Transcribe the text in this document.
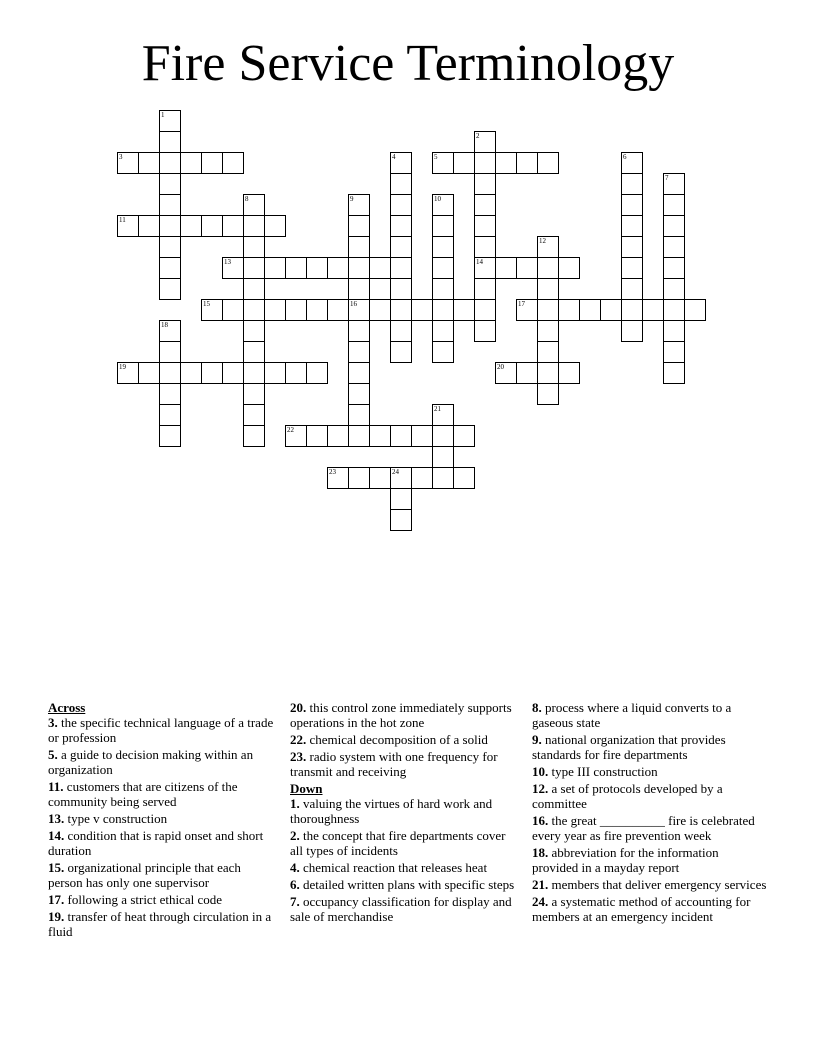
Fire Service Terminology
1
2
14
3	4	5	6
7
8	9
16
10
11
12
13
15	17
18
19	20
21
22
23	24
Across
3. the specific technical language of a trade or profession
5. a guide to decision making within an organization
11. customers that are citizens of the community being served
13. type v construction
14. condition that is rapid onset and short duration
15. organizational principle that each person has only one supervisor
17. following a strict ethical code
19. transfer of heat through circulation in a fluid
20. this control zone immediately supports operations in the hot zone
22. chemical decomposition of a solid
23. radio system with one frequency for transmit and receiving
Down
1. valuing the virtues of hard work and thoroughness
2. the concept that fire departments cover all types of incidents
4. chemical reaction that releases heat
6. detailed written plans with specific steps
7. occupancy classification for display and sale of merchandise
8. process where a liquid converts to a gaseous state
9. national organization that provides standards for fire departments
10. type III construction
12. a set of protocols developed by a committee
16. the great __________ fire is celebrated every year as fire prevention week
18. abbreviation for the information provided in a mayday report
21. members that deliver emergency services
24. a systematic method of accounting for members at an emergency incident
